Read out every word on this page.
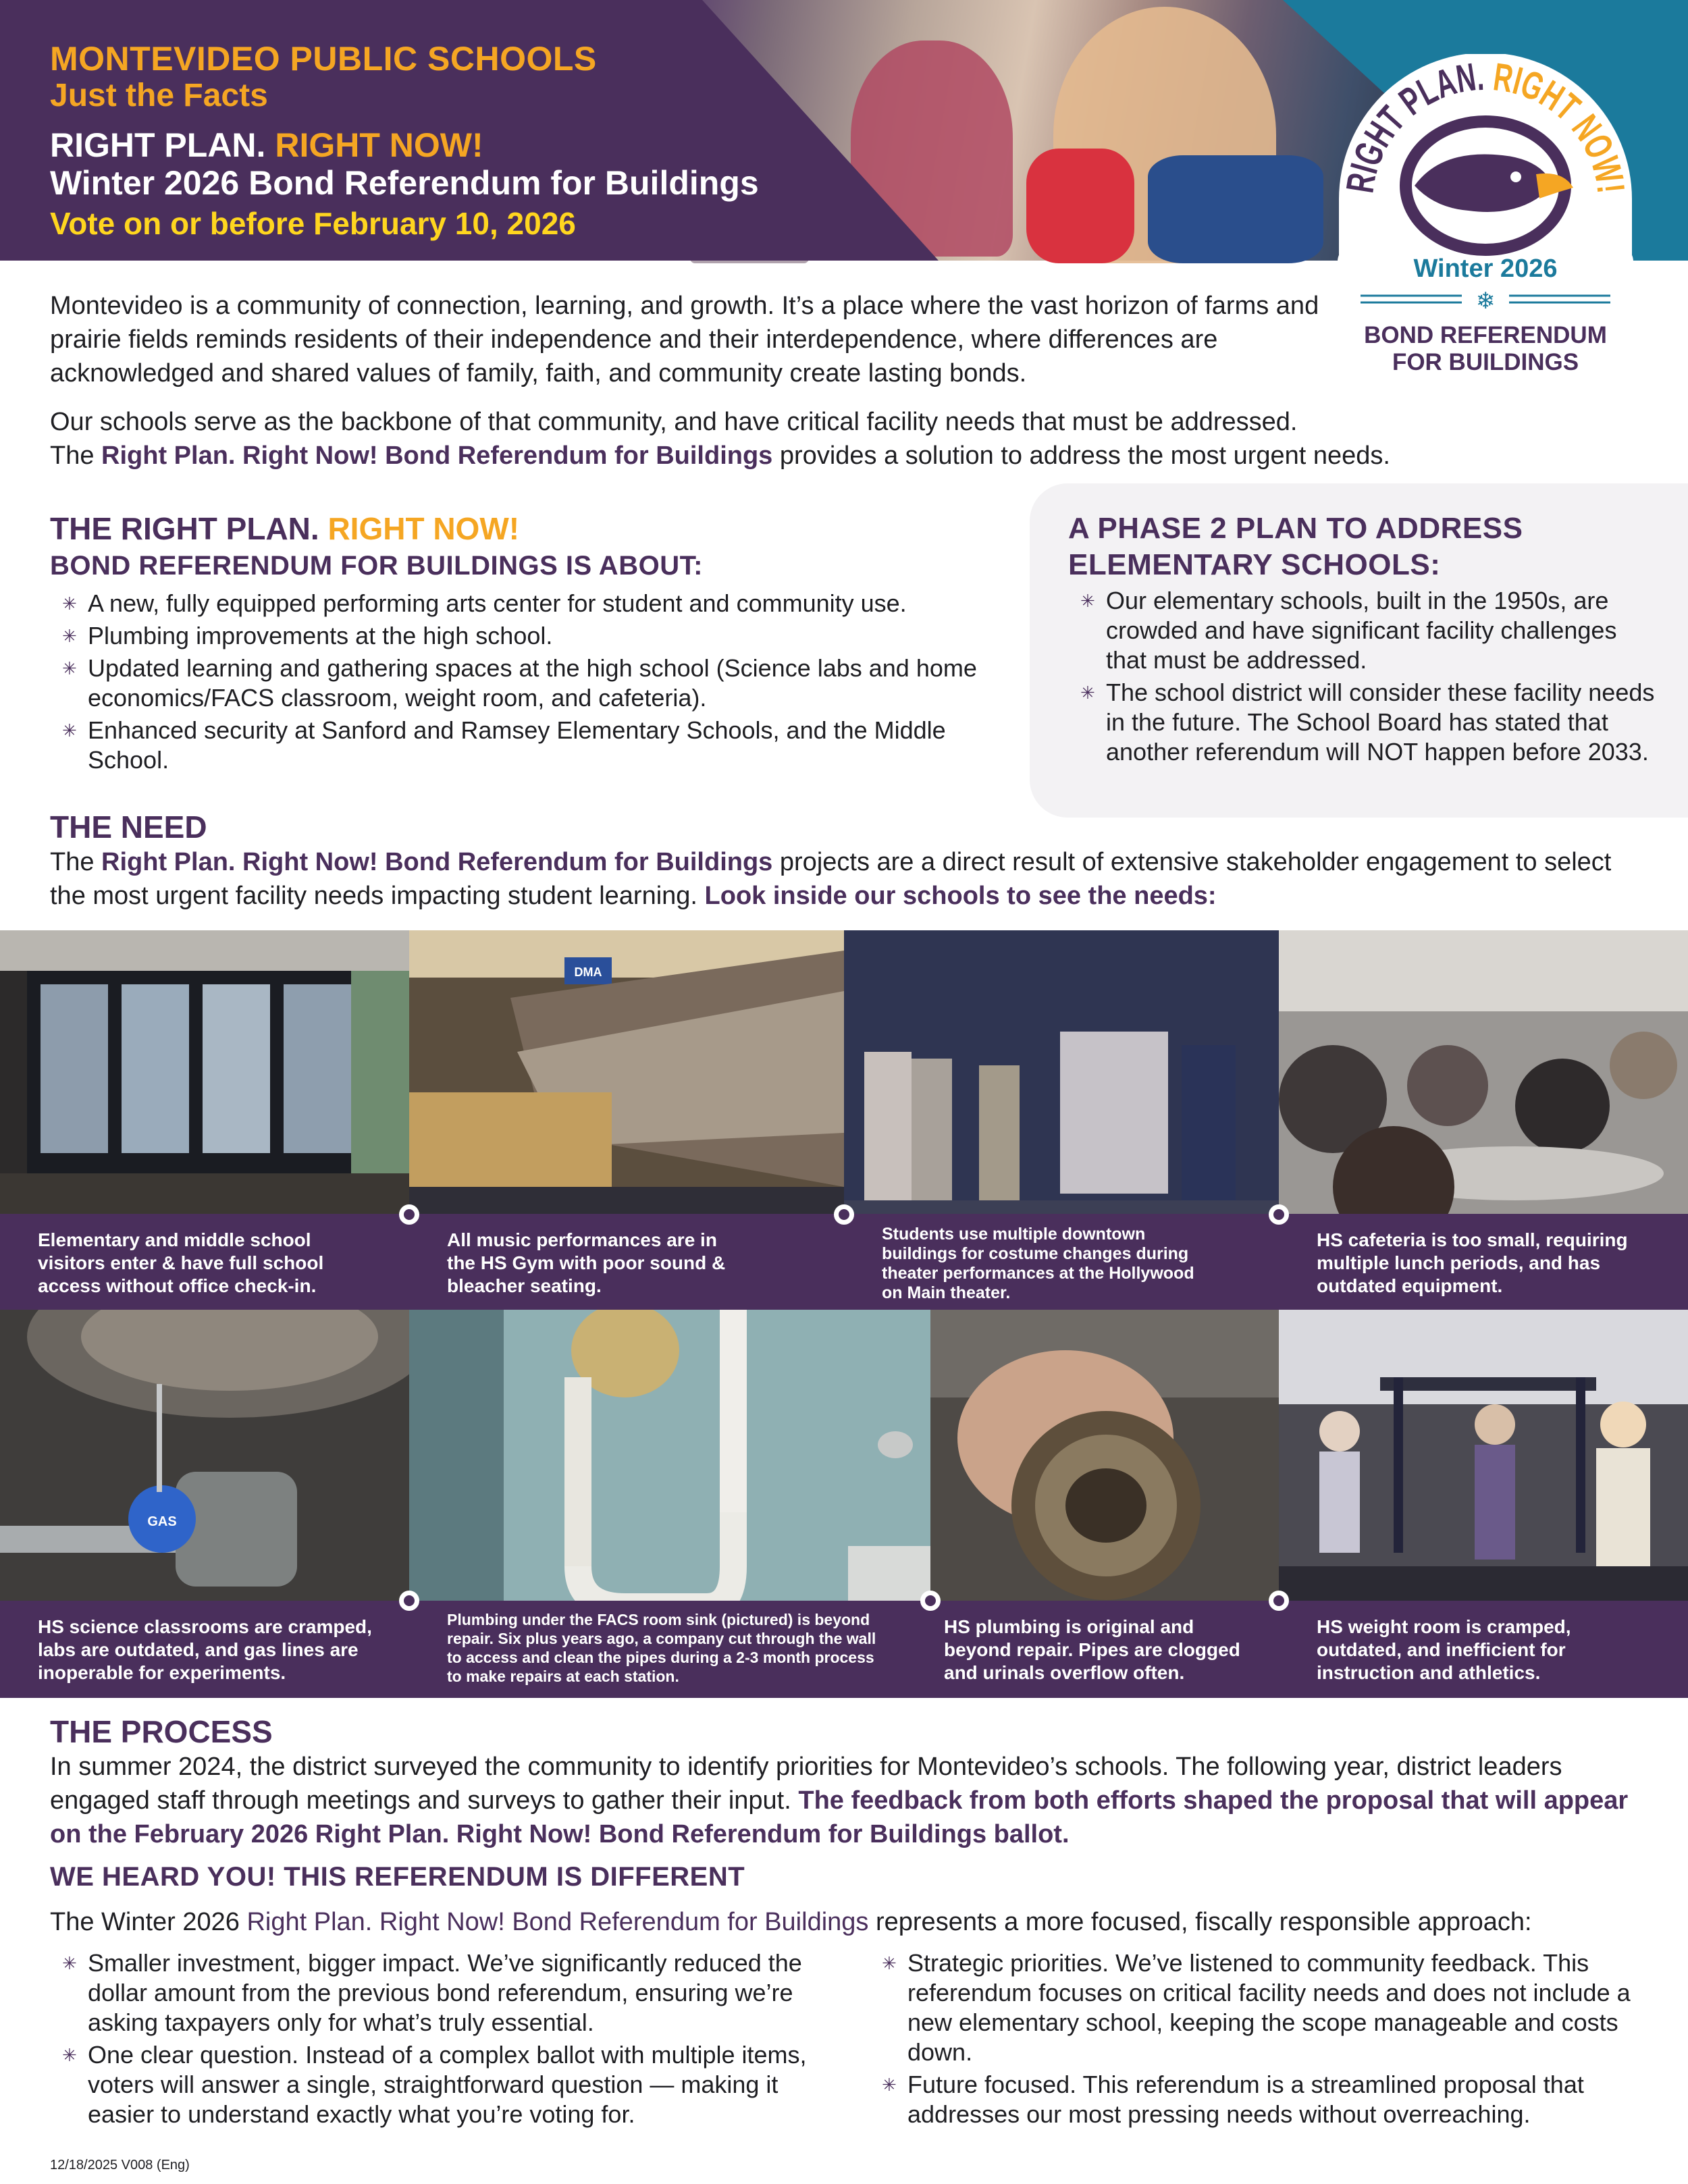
MONTEVIDEO PUBLIC SCHOOLS
Just the Facts
RIGHT PLAN. RIGHT NOW!
Winter 2026 Bond Referendum for Buildings
Vote on or before February 10, 2026
RIGHT PLAN. RIGHT NOW!
Winter 2026
❄
BOND REFERENDUM
FOR BUILDINGS
Montevideo is a community of connection, learning, and growth. It’s a place where the vast horizon of farms and prairie fields reminds residents of their independence and their interdependence, where differences are acknowledged and shared values of family, faith, and community create lasting bonds.
Our schools serve as the backbone of that community, and have critical facility needs that must be addressed.
The Right Plan. Right Now! Bond Referendum for Buildings provides a solution to address the most urgent needs.
THE RIGHT PLAN. RIGHT NOW!
BOND REFERENDUM FOR BUILDINGS IS ABOUT:
✳ A new, fully equipped performing arts center for student and community use.
✳ Plumbing improvements at the high school.
✳ Updated learning and gathering spaces at the high school (Science labs and home economics/FACS classroom, weight room, and cafeteria).
✳ Enhanced security at Sanford and Ramsey Elementary Schools, and the Middle School.
A PHASE 2 PLAN TO ADDRESS
ELEMENTARY SCHOOLS:
✳ Our elementary schools, built in the 1950s, are crowded and have significant facility challenges that must be addressed.
✳ The school district will consider these facility needs in the future. The School Board has stated that another referendum will NOT happen before 2033.
THE NEED
The Right Plan. Right Now! Bond Referendum for Buildings projects are a direct result of extensive stakeholder engagement to select the most urgent facility needs impacting student learning. Look inside our schools to see the needs:
Elementary and middle school
visitors enter & have full school
access without office check-in.
DMA
All music performances are in
the HS Gym with poor sound &
bleacher seating.
Students use multiple downtown
buildings for costume changes during
theater performances at the Hollywood
on Main theater.
HS cafeteria is too small, requiring
multiple lunch periods, and has
outdated equipment.
GAS
HS science classrooms are cramped,
labs are outdated, and gas lines are
inoperable for experiments.
Plumbing under the FACS room sink (pictured) is beyond
repair. Six plus years ago, a company cut through the wall
to access and clean the pipes during a 2-3 month process
to make repairs at each station.
HS plumbing is original and
beyond repair. Pipes are clogged
and urinals overflow often.
HS weight room is cramped,
outdated, and inefficient for
instruction and athletics.
THE PROCESS
In summer 2024, the district surveyed the community to identify priorities for Montevideo’s schools. The following year, district leaders engaged staff through meetings and surveys to gather their input. The feedback from both efforts shaped the proposal that will appear on the February 2026 Right Plan. Right Now! Bond Referendum for Buildings ballot.
WE HEARD YOU! THIS REFERENDUM IS DIFFERENT
The Winter 2026 Right Plan. Right Now! Bond Referendum for Buildings represents a more focused, fiscally responsible approach:
✳ Smaller investment, bigger impact. We’ve significantly reduced the dollar amount from the previous bond referendum, ensuring we’re asking taxpayers only for what’s truly essential.
✳ One clear question. Instead of a complex ballot with multiple items, voters will answer a single, straightforward question — making it easier to understand exactly what you’re voting for.
✳ Strategic priorities. We’ve listened to community feedback. This referendum focuses on critical facility needs and does not include a new elementary school, keeping the scope manageable and costs down.
✳ Future focused. This referendum is a streamlined proposal that addresses our most pressing needs without overreaching.
12/18/2025 V008 (Eng)
